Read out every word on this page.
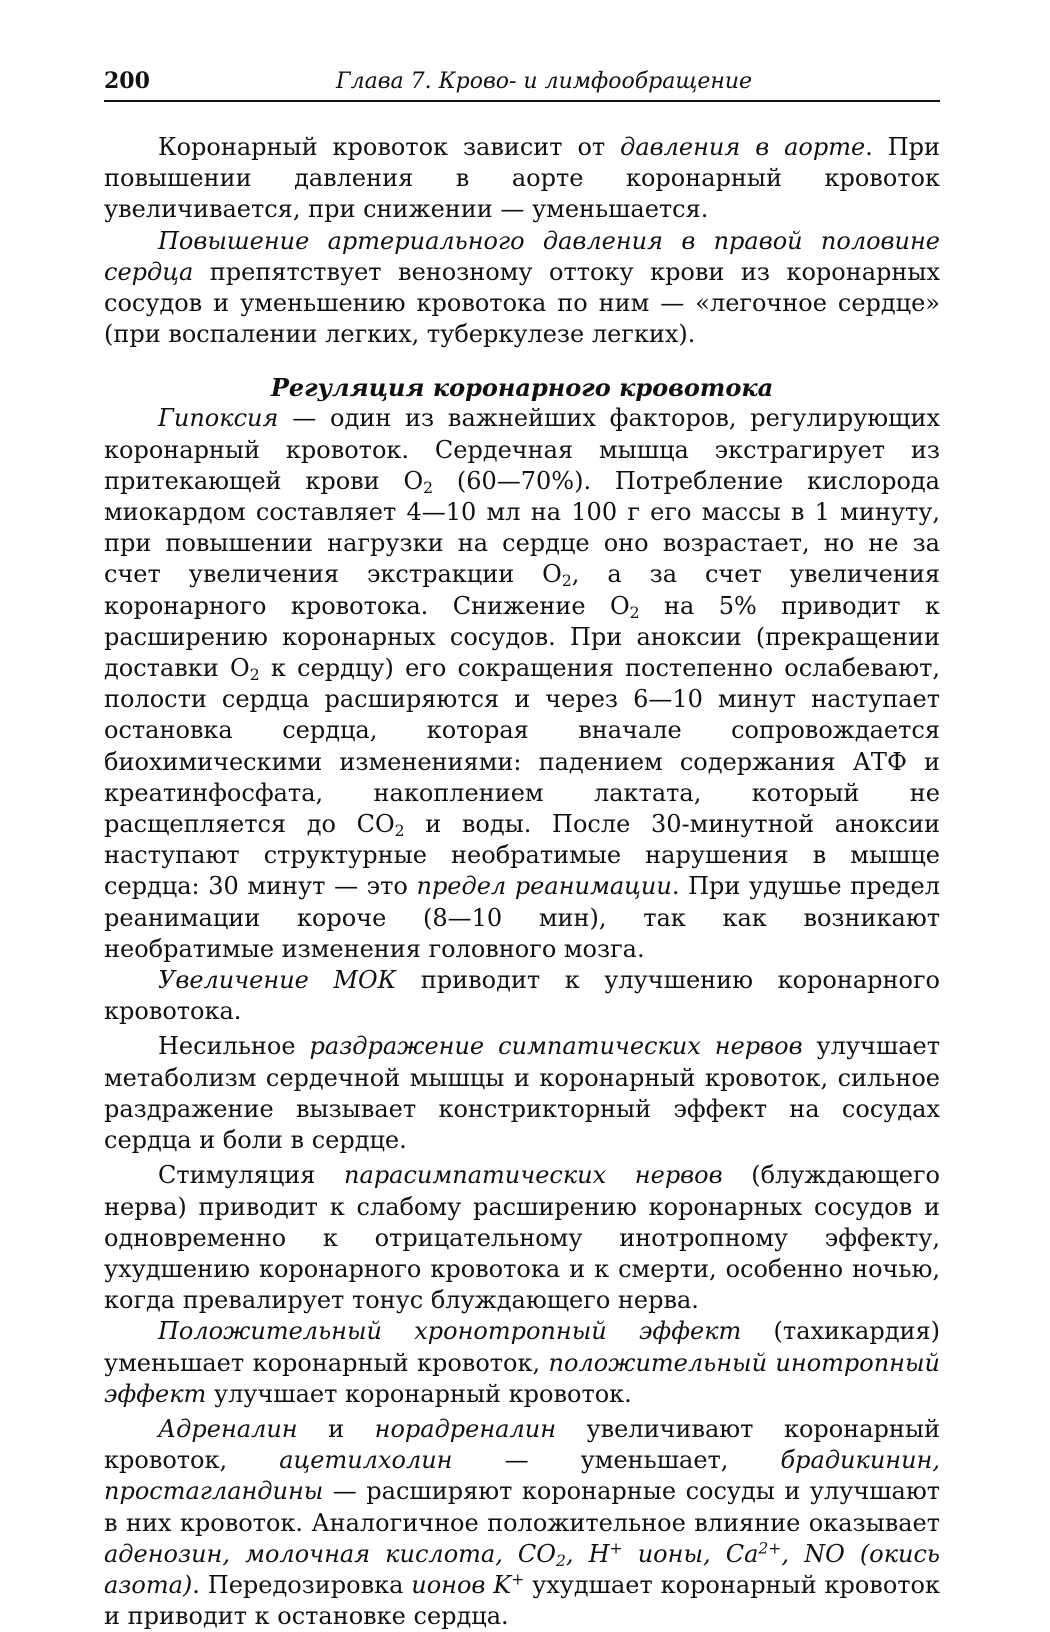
200	Глава 7. Крово- и лимфообращение

Коронарный кровоток зависит от давления в аорте. При повышении давления в аорте коронарный кровоток увеличивается, при снижении — уменьшается.

Повышение артериального давления в правой половине сердца препятствует венозному оттоку крови из коронарных сосудов и уменьшению кровотока по ним — «легочное сердце» (при воспалении легких, туберкулезе легких).

Регуляция коронарного кровотока

Гипоксия — один из важнейших факторов, регулирующих коронарный кровоток. Сердечная мышца экстрагирует из притекающей крови $O_2$ (60—70%). Потребление кислорода миокардом составляет 4—10 мл на 100 г его массы в 1 минуту, при повышении нагрузки на сердце оно возрастает, но не за счет увеличения экстракции $O_2$, а за счет увеличения коронарного кровотока. Снижение $O_2$ на 5% приводит к расширению коронарных сосудов. При аноксии (прекращении доставки $O_2$ к сердцу) его сокращения постепенно ослабевают, полости сердца расширяются и через 6—10 минут наступает остановка сердца, которая вначале сопровождается биохимическими изменениями: падением содержания АТФ и креатинфосфата, накоплением лактата, который не расщепляется до $CO_2$ и воды. После 30-минутной аноксии наступают структурные необратимые нарушения в мышце сердца: 30 минут — это предел реанимации. При удушье предел реанимации короче (8—10 мин), так как возникают необратимые изменения головного мозга.

Увеличение МОК приводит к улучшению коронарного кровотока.

Несильное раздражение симпатических нервов улучшает метаболизм сердечной мышцы и коронарный кровоток, сильное раздражение вызывает констрикторный эффект на сосудах сердца и боли в сердце.

Стимуляция парасимпатических нервов (блуждающего нерва) приводит к слабому расширению коронарных сосудов и одновременно к отрицательному инотропному эффекту, ухудшению коронарного кровотока и к смерти, особенно ночью, когда превалирует тонус блуждающего нерва.

Положительный хронотропный эффект (тахикардия) уменьшает коронарный кровоток, положительный инотропный эффект улучшает коронарный кровоток.

Адреналин и норадреналин увеличивают коронарный кровоток, ацетилхолин — уменьшает, брадикинин, простагландины — расширяют коронарные сосуды и улучшают в них кровоток. Аналогичное положительное влияние оказывает аденозин, молочная кислота, $CO_2$, H+ ионы, $Ca^{2+}$, NO (окись азота). Передозировка ионов K+ ухудшает коронарный кровоток и приводит к остановке сердца.
